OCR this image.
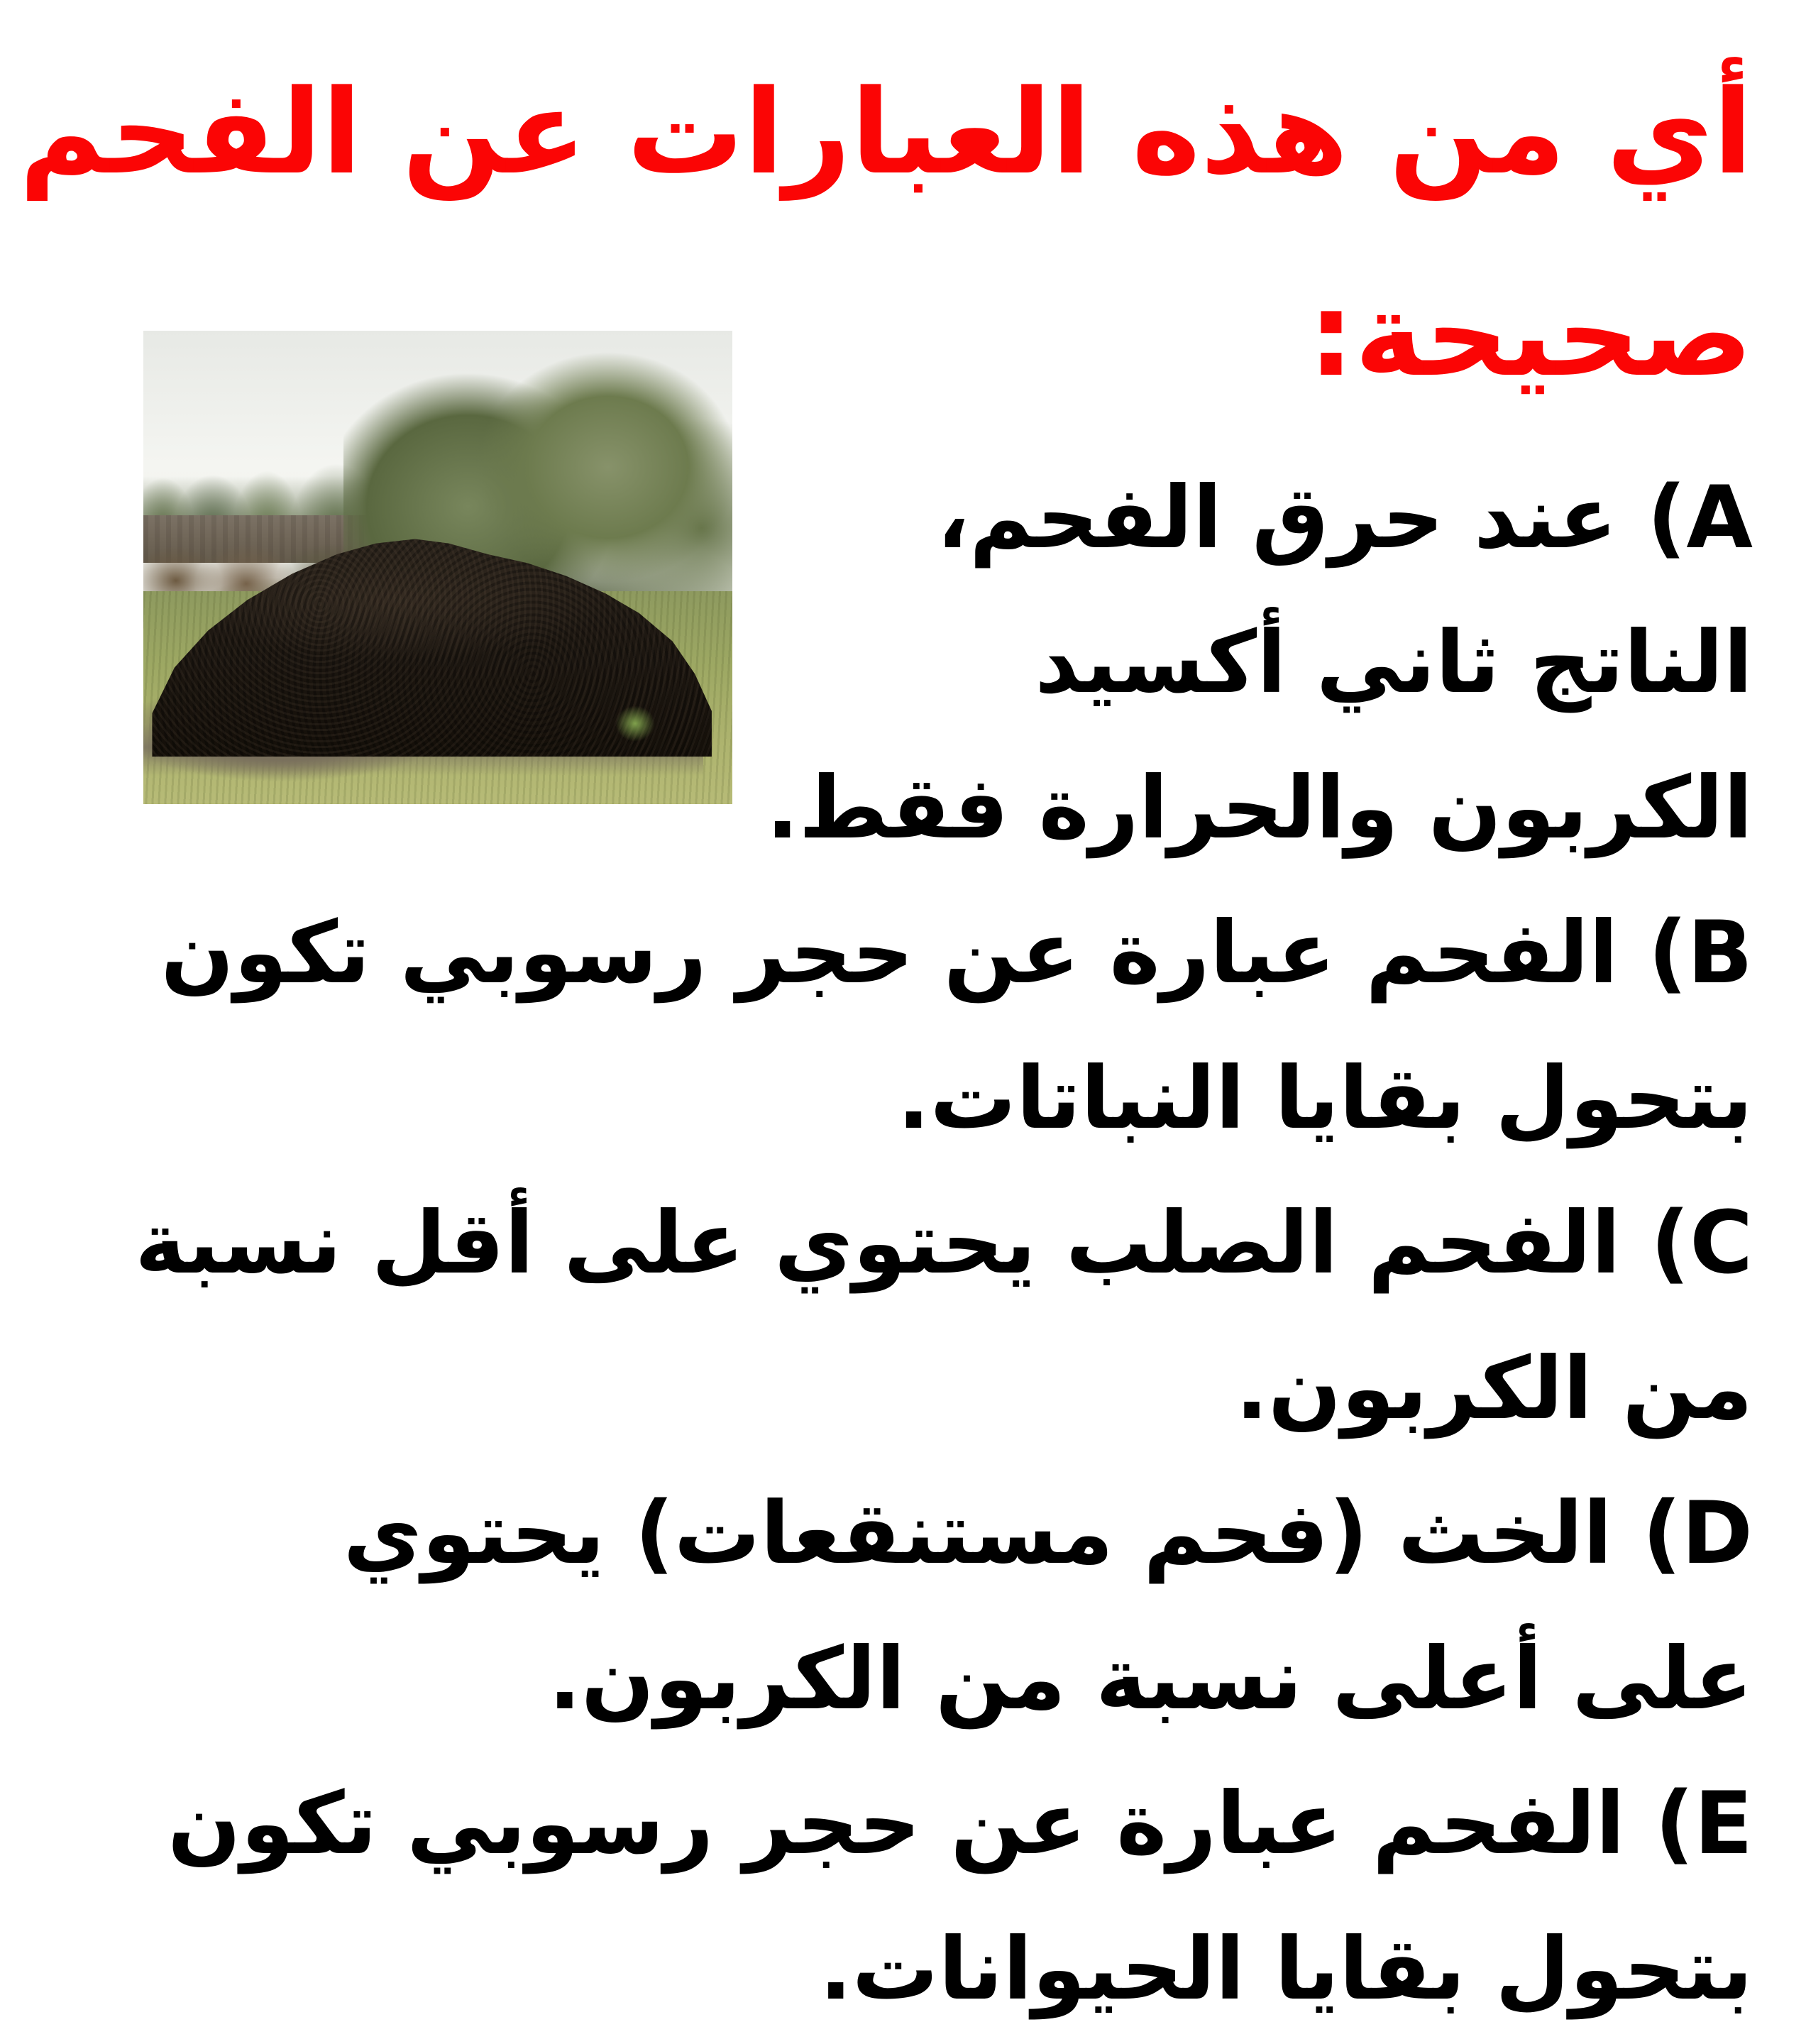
أي من هذه العبارات عن الفحم
صحيحة:
A) عند حرق الفحم، الناتج ثاني أكسيد الكربون والحرارة فقط.
B) الفحم عبارة عن حجر رسوبي تكون بتحول بقايا النباتات.
C) الفحم الصلب يحتوي على أقل نسبة من الكربون.
D) الخث (فحم مستنقعات) يحتوي على أعلى نسبة من الكربون.
E) الفحم عبارة عن حجر رسوبي تكون بتحول بقايا الحيوانات.
